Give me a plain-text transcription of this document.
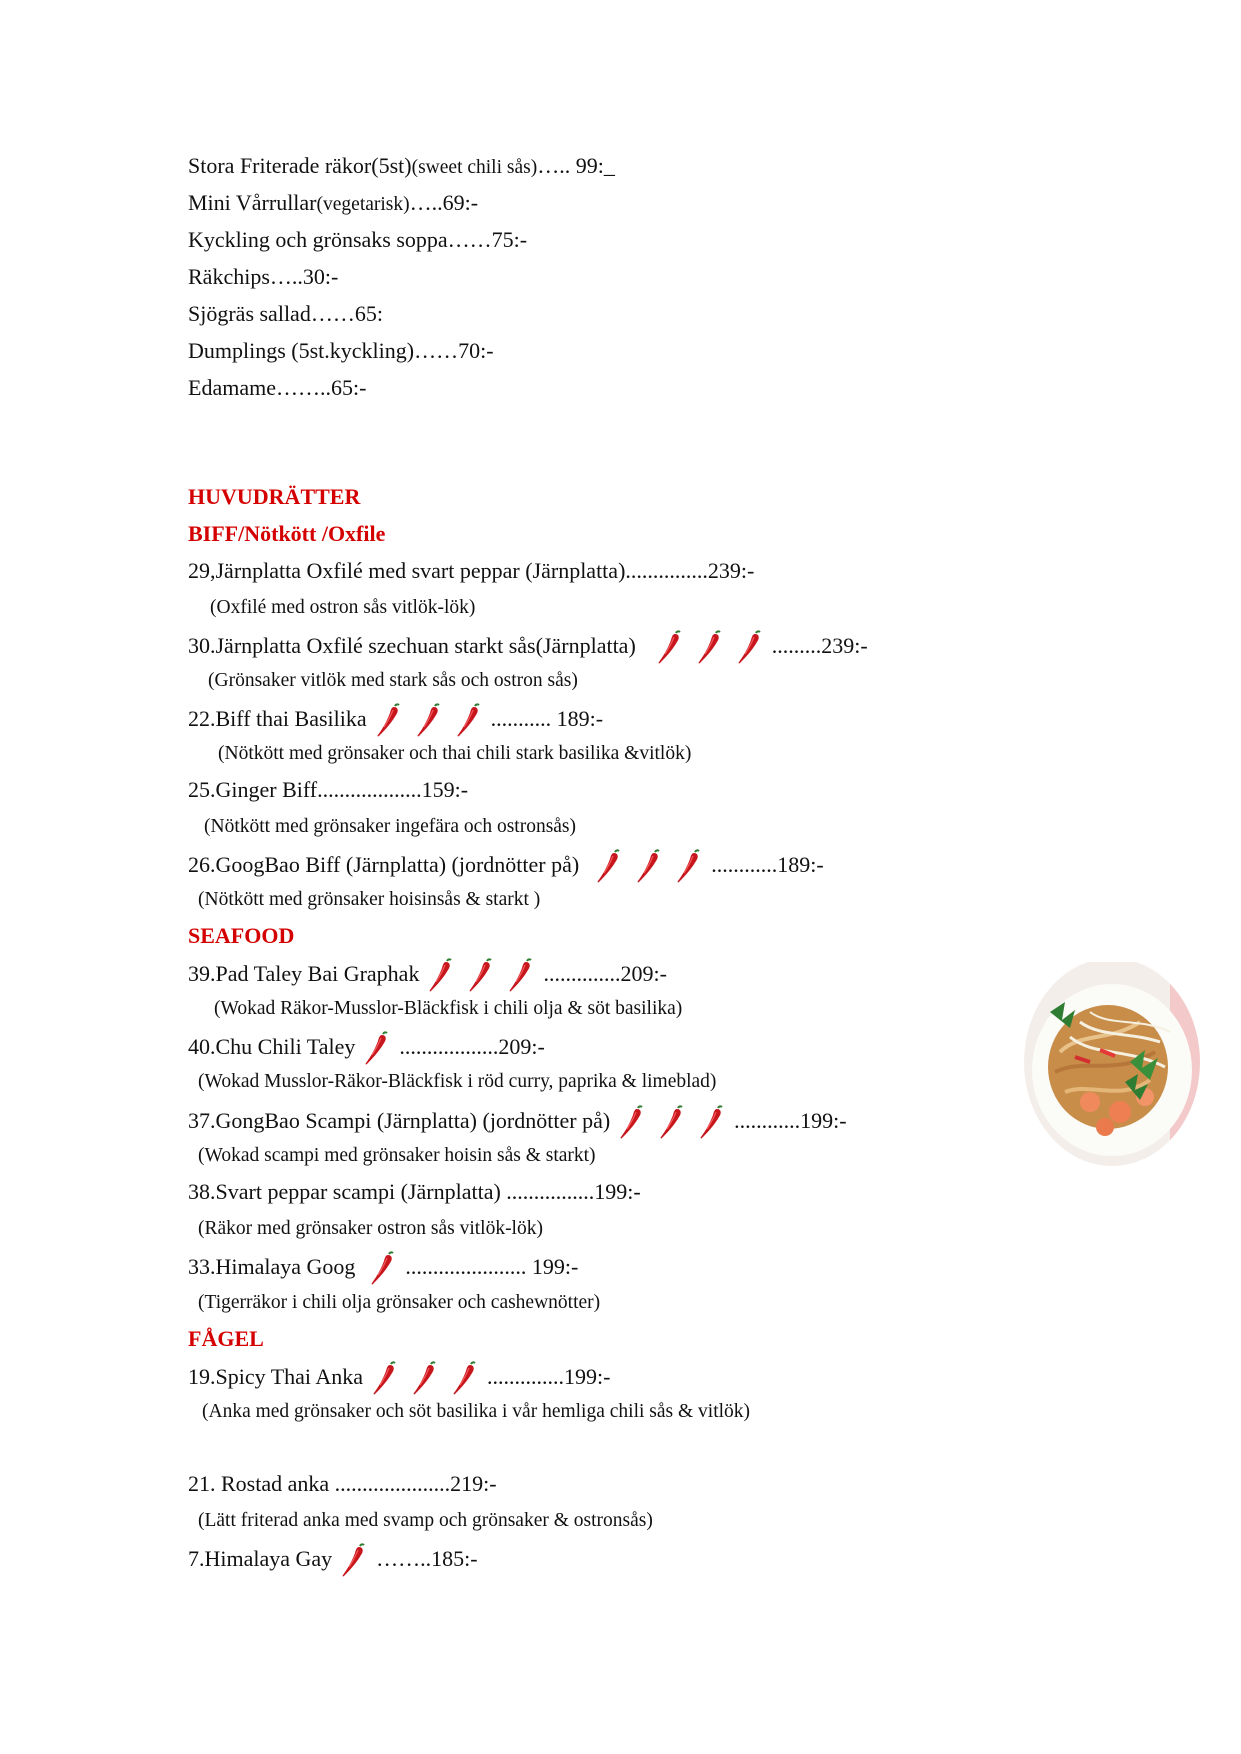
Stora Friterade räkor(5st)(sweet chili sås)….. 99:_
Mini Vårrullar(vegetarisk)…..69:-
Kyckling och grönsaks soppa……75:-
Räkchips…..30:-
Sjögräs sallad……65:
Dumplings (5st.kyckling)……70:-
Edamame……..65:-
HUVUDRÄTTER
BIFF/Nötkött /Oxfile
29,Järnplatta Oxfilé med svart peppar (Järnplatta)...............239:-
(Oxfilé med ostron sås vitlök-lök)
30.Järnplatta Oxfilé szechuan starkt sås(Järnplatta)	.........239:-
(Grönsaker vitlök med stark sås och ostron sås)
22.Biff thai Basilika	........... 189:-
(Nötkött med grönsaker och thai chili stark basilika &vitlök)
25.Ginger Biff...................159:-
(Nötkött med grönsaker ingefära och ostronsås)
26.GoogBao Biff (Järnplatta) (jordnötter på)	............189:-
(Nötkött med grönsaker hoisinsås & starkt )
SEAFOOD
39.Pad Taley Bai Graphak	..............209:-
(Wokad Räkor-Musslor-Bläckfisk i chili olja & söt basilika)
40.Chu Chili Taley ..................209:-
(Wokad Musslor-Räkor-Bläckfisk i röd curry, paprika & limeblad)
37.GongBao Scampi (Järnplatta) (jordnötter på)	............199:-
(Wokad scampi med grönsaker hoisin sås & starkt)
38.Svart peppar scampi (Järnplatta) ................199:-
(Räkor med grönsaker ostron sås vitlök-lök)
33.Himalaya Goog ...................... 199:-
(Tigerräkor i chili olja grönsaker och cashewnötter)
FÅGEL
19.Spicy Thai Anka	..............199:-
(Anka med grönsaker och söt basilika i vår hemliga chili sås & vitlök)
21. Rostad anka .....................219:-
(Lätt friterad anka med svamp och grönsaker & ostronsås)
7.Himalaya Gay ……..185:-
